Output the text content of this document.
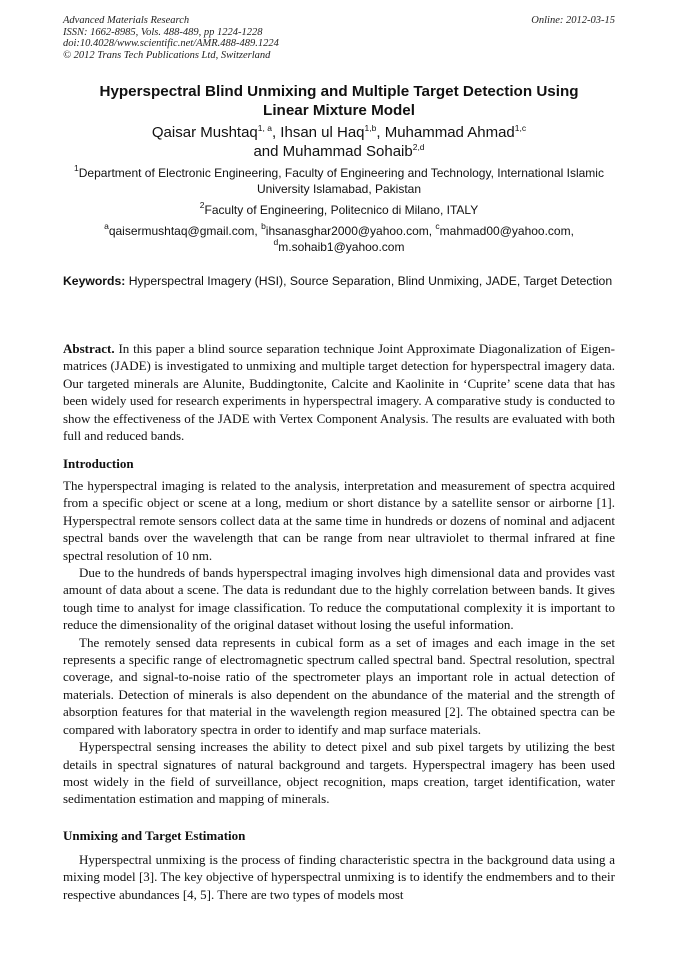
Advanced Materials Research
ISSN: 1662-8985, Vols. 488-489, pp 1224-1228
doi:10.4028/www.scientific.net/AMR.488-489.1224
© 2012 Trans Tech Publications Ltd, Switzerland
Online: 2012-03-15
Hyperspectral Blind Unmixing and Multiple Target Detection Using
Linear Mixture Model
Qaisar Mushtaq$^{1, a}$, Ihsan ul Haq$^{1,b}$, Muhammad Ahmad$^{1,c}$
and Muhammad Sohaib$^{2,d}$
$^1$Department of Electronic Engineering, Faculty of Engineering and Technology, International Islamic University Islamabad, Pakistan
$^2$Faculty of Engineering, Politecnico di Milano, ITALY
$^a$qaisermushtaq@gmail.com, $^b$ihsanasghar2000@yahoo.com, $^c$mahmad00@yahoo.com,
$^d$m.sohaib1@yahoo.com
Keywords: Hyperspectral Imagery (HSI), Source Separation, Blind Unmixing, JADE, Target Detection
Abstract. In this paper a blind source separation technique Joint Approximate Diagonalization of Eigen-matrices (JADE) is investigated to unmixing and multiple target detection for hyperspectral imagery data. Our targeted minerals are Alunite, Buddingtonite, Calcite and Kaolinite in ‘Cuprite’ scene data that has been widely used for research experiments in hyperspectral imagery. A comparative study is conducted to show the effectiveness of the JADE with Vertex Component Analysis. The results are evaluated with both full and reduced bands.
Introduction

The hyperspectral imaging is related to the analysis, interpretation and measurement of spectra acquired from a specific object or scene at a long, medium or short distance by a satellite sensor or airborne [1]. Hyperspectral remote sensors collect data at the same time in hundreds or dozens of nominal and adjacent spectral bands over the wavelength that can be range from near ultraviolet to thermal infrared at fine spectral resolution of 10 nm.

Due to the hundreds of bands hyperspectral imaging involves high dimensional data and provides vast amount of data about a scene. The data is redundant due to the highly correlation between bands. It gives tough time to analyst for image classification. To reduce the computational complexity it is important to reduce the dimensionality of the original dataset without losing the useful information.

The remotely sensed data represents in cubical form as a set of images and each image in the set represents a specific range of electromagnetic spectrum called spectral band. Spectral resolution, spectral coverage, and signal-to-noise ratio of the spectrometer plays an important role in actual detection of materials. Detection of minerals is also dependent on the abundance of the material and the strength of absorption features for that material in the wavelength region measured [2]. The obtained spectra can be compared with laboratory spectra in order to identify and map surface materials.

Hyperspectral sensing increases the ability to detect pixel and sub pixel targets by utilizing the best details in spectral signatures of natural background and targets. Hyperspectral imagery has been used most widely in the field of surveillance, object recognition, maps creation, target identification, water sedimentation estimation and mapping of minerals.

Unmixing and Target Estimation

Hyperspectral unmixing is the process of finding characteristic spectra in the background data using a mixing model [3]. The key objective of hyperspectral unmixing is to identify the endmembers and to their respective abundances [4, 5]. There are two types of models most
